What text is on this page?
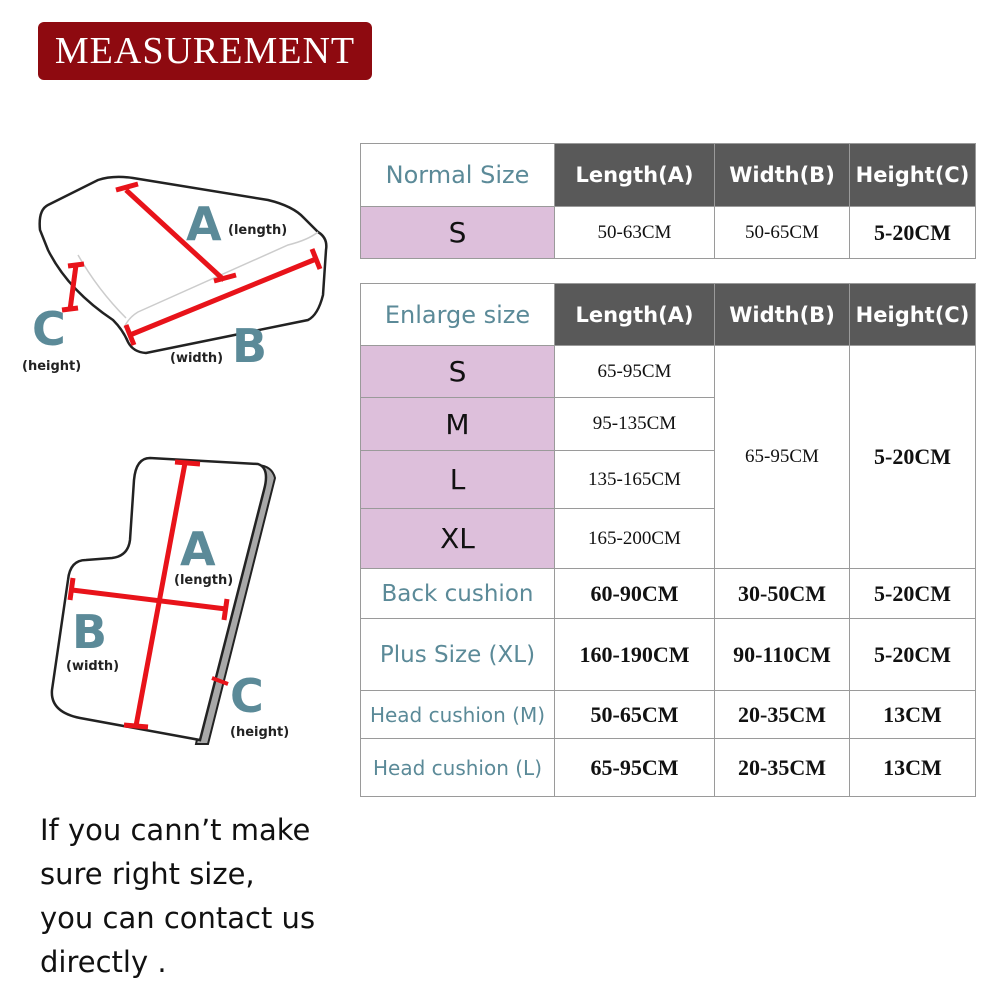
MEASUREMENT
A (length)
B
(width)
C
(height)
A
(length)
B
(width)
C
(height)
Normal Size	Length(A)	Width(B)	Height(C)
S	50-63CM	50-65CM	5-20CM
Enlarge size	Length(A)	Width(B)	Height(C)
S	65-95CM	65-95CM	5-20CM
M	95-135CM		
L	135-165CM		
XL	165-200CM		
Back cushion	60-90CM	30-50CM	5-20CM
Plus Size (XL)	160-190CM	90-110CM	5-20CM
Head cushion (M)	50-65CM	20-35CM	13CM
Head cushion (L)	65-95CM	20-35CM	13CM
If you cann’t make
sure right size,
you can contact us
directly .
